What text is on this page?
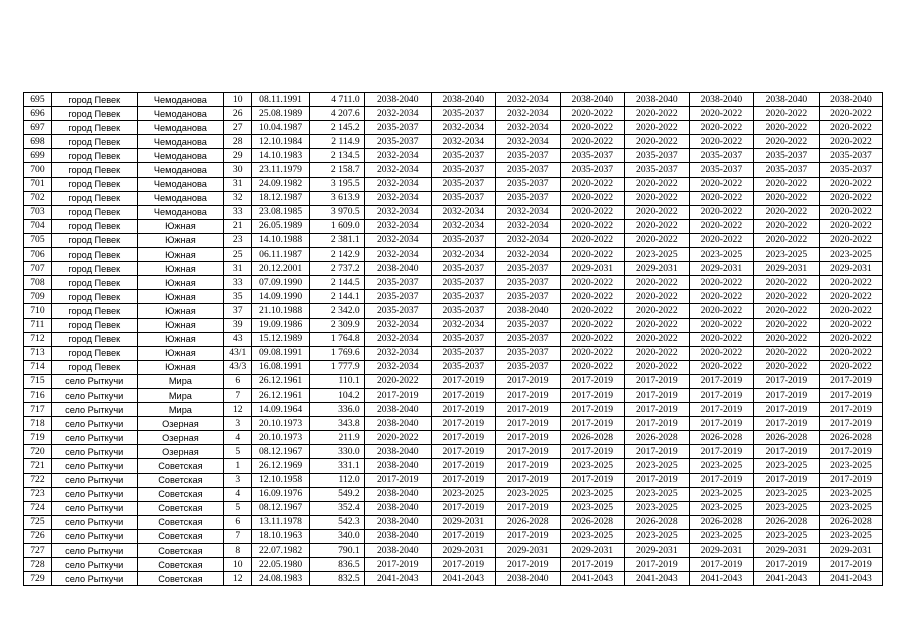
695	город Певек	Чемоданова	10	08.11.1991	4 711.0	2038-2040	2038-2040	2032-2034	2038-2040	2038-2040	2038-2040	2038-2040	2038-2040
696	город Певек	Чемоданова	26	25.08.1989	4 207.6	2032-2034	2035-2037	2032-2034	2020-2022	2020-2022	2020-2022	2020-2022	2020-2022
697	город Певек	Чемоданова	27	10.04.1987	2 145.2	2035-2037	2032-2034	2032-2034	2020-2022	2020-2022	2020-2022	2020-2022	2020-2022
698	город Певек	Чемоданова	28	12.10.1984	2 114.9	2035-2037	2032-2034	2032-2034	2020-2022	2020-2022	2020-2022	2020-2022	2020-2022
699	город Певек	Чемоданова	29	14.10.1983	2 134.5	2032-2034	2035-2037	2035-2037	2035-2037	2035-2037	2035-2037	2035-2037	2035-2037
700	город Певек	Чемоданова	30	23.11.1979	2 158.7	2032-2034	2035-2037	2035-2037	2035-2037	2035-2037	2035-2037	2035-2037	2035-2037
701	город Певек	Чемоданова	31	24.09.1982	3 195.5	2032-2034	2035-2037	2035-2037	2020-2022	2020-2022	2020-2022	2020-2022	2020-2022
702	город Певек	Чемоданова	32	18.12.1987	3 613.9	2032-2034	2035-2037	2035-2037	2020-2022	2020-2022	2020-2022	2020-2022	2020-2022
703	город Певек	Чемоданова	33	23.08.1985	3 970.5	2032-2034	2032-2034	2032-2034	2020-2022	2020-2022	2020-2022	2020-2022	2020-2022
704	город Певек	Южная	21	26.05.1989	1 609.0	2032-2034	2032-2034	2032-2034	2020-2022	2020-2022	2020-2022	2020-2022	2020-2022
705	город Певек	Южная	23	14.10.1988	2 381.1	2032-2034	2035-2037	2032-2034	2020-2022	2020-2022	2020-2022	2020-2022	2020-2022
706	город Певек	Южная	25	06.11.1987	2 142.9	2032-2034	2032-2034	2032-2034	2020-2022	2023-2025	2023-2025	2023-2025	2023-2025
707	город Певек	Южная	31	20.12.2001	2 737.2	2038-2040	2035-2037	2035-2037	2029-2031	2029-2031	2029-2031	2029-2031	2029-2031
708	город Певек	Южная	33	07.09.1990	2 144.5	2035-2037	2035-2037	2035-2037	2020-2022	2020-2022	2020-2022	2020-2022	2020-2022
709	город Певек	Южная	35	14.09.1990	2 144.1	2035-2037	2035-2037	2035-2037	2020-2022	2020-2022	2020-2022	2020-2022	2020-2022
710	город Певек	Южная	37	21.10.1988	2 342.0	2035-2037	2035-2037	2038-2040	2020-2022	2020-2022	2020-2022	2020-2022	2020-2022
711	город Певек	Южная	39	19.09.1986	2 309.9	2032-2034	2032-2034	2035-2037	2020-2022	2020-2022	2020-2022	2020-2022	2020-2022
712	город Певек	Южная	43	15.12.1989	1 764.8	2032-2034	2035-2037	2035-2037	2020-2022	2020-2022	2020-2022	2020-2022	2020-2022
713	город Певек	Южная	43/1	09.08.1991	1 769.6	2032-2034	2035-2037	2035-2037	2020-2022	2020-2022	2020-2022	2020-2022	2020-2022
714	город Певек	Южная	43/3	16.08.1991	1 777.9	2032-2034	2035-2037	2035-2037	2020-2022	2020-2022	2020-2022	2020-2022	2020-2022
715	село Рыткучи	Мира	6	26.12.1961	110.1	2020-2022	2017-2019	2017-2019	2017-2019	2017-2019	2017-2019	2017-2019	2017-2019
716	село Рыткучи	Мира	7	26.12.1961	104.2	2017-2019	2017-2019	2017-2019	2017-2019	2017-2019	2017-2019	2017-2019	2017-2019
717	село Рыткучи	Мира	12	14.09.1964	336.0	2038-2040	2017-2019	2017-2019	2017-2019	2017-2019	2017-2019	2017-2019	2017-2019
718	село Рыткучи	Озерная	3	20.10.1973	343.8	2038-2040	2017-2019	2017-2019	2017-2019	2017-2019	2017-2019	2017-2019	2017-2019
719	село Рыткучи	Озерная	4	20.10.1973	211.9	2020-2022	2017-2019	2017-2019	2026-2028	2026-2028	2026-2028	2026-2028	2026-2028
720	село Рыткучи	Озерная	5	08.12.1967	330.0	2038-2040	2017-2019	2017-2019	2017-2019	2017-2019	2017-2019	2017-2019	2017-2019
721	село Рыткучи	Советская	1	26.12.1969	331.1	2038-2040	2017-2019	2017-2019	2023-2025	2023-2025	2023-2025	2023-2025	2023-2025
722	село Рыткучи	Советская	3	12.10.1958	112.0	2017-2019	2017-2019	2017-2019	2017-2019	2017-2019	2017-2019	2017-2019	2017-2019
723	село Рыткучи	Советская	4	16.09.1976	549.2	2038-2040	2023-2025	2023-2025	2023-2025	2023-2025	2023-2025	2023-2025	2023-2025
724	село Рыткучи	Советская	5	08.12.1967	352.4	2038-2040	2017-2019	2017-2019	2023-2025	2023-2025	2023-2025	2023-2025	2023-2025
725	село Рыткучи	Советская	6	13.11.1978	542.3	2038-2040	2029-2031	2026-2028	2026-2028	2026-2028	2026-2028	2026-2028	2026-2028
726	село Рыткучи	Советская	7	18.10.1963	340.0	2038-2040	2017-2019	2017-2019	2023-2025	2023-2025	2023-2025	2023-2025	2023-2025
727	село Рыткучи	Советская	8	22.07.1982	790.1	2038-2040	2029-2031	2029-2031	2029-2031	2029-2031	2029-2031	2029-2031	2029-2031
728	село Рыткучи	Советская	10	22.05.1980	836.5	2017-2019	2017-2019	2017-2019	2017-2019	2017-2019	2017-2019	2017-2019	2017-2019
729	село Рыткучи	Советская	12	24.08.1983	832.5	2041-2043	2041-2043	2038-2040	2041-2043	2041-2043	2041-2043	2041-2043	2041-2043
